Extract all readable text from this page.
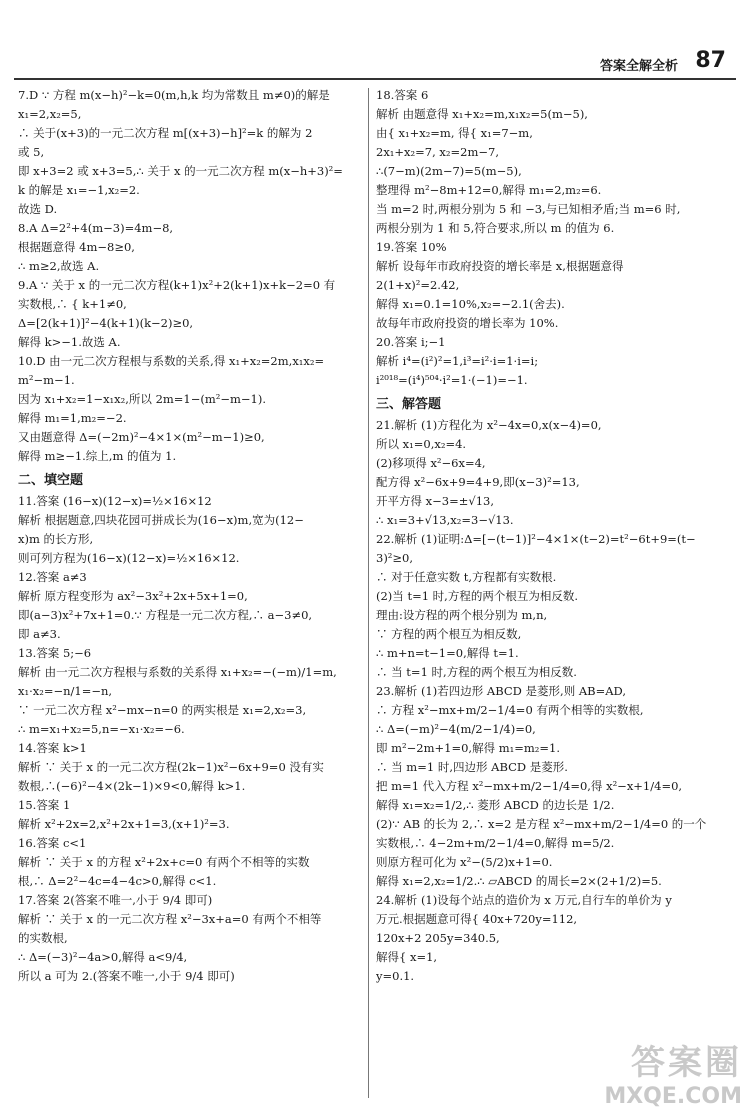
答案全解全析 87
7.D ∵ 方程 m(x−h)²−k=0(m,h,k 均为常数且 m≠0)的解是
x₁=2,x₂=5,
∴ 关于(x+3)的一元二次方程 m[(x+3)−h]²=k 的解为 2
或 5,
即 x+3=2 或 x+3=5,∴ 关于 x 的一元二次方程 m(x−h+3)²=
k 的解是 x₁=−1,x₂=2.
故选 D.
8.A Δ=2²+4(m−3)=4m−8,
根据题意得 4m−8≥0,
∴ m≥2,故选 A.
9.A ∵ 关于 x 的一元二次方程(k+1)x²+2(k+1)x+k−2=0 有
实数根,∴ { k+1≠0,
Δ=[2(k+1)]²−4(k+1)(k−2)≥0,
解得 k>−1.故选 A.
10.D 由一元二次方程根与系数的关系,得 x₁+x₂=2m,x₁x₂=
m²−m−1.
因为 x₁+x₂=1−x₁x₂,所以 2m=1−(m²−m−1).
解得 m₁=1,m₂=−2.
又由题意得 Δ=(−2m)²−4×1×(m²−m−1)≥0,
解得 m≥−1.综上,m 的值为 1.
二、填空题
11.答案 (16−x)(12−x)=½×16×12
解析 根据题意,四块花园可拼成长为(16−x)m,宽为(12−
x)m 的长方形,
则可列方程为(16−x)(12−x)=½×16×12.
12.答案 a≠3
解析 原方程变形为 ax²−3x²+2x+5x+1=0,
即(a−3)x²+7x+1=0.∵ 方程是一元二次方程,∴ a−3≠0,
即 a≠3.
13.答案 5;−6
解析 由一元二次方程根与系数的关系得 x₁+x₂=−(−m)/1=m,
x₁·x₂=−n/1=−n,
∵ 一元二次方程 x²−mx−n=0 的两实根是 x₁=2,x₂=3,
∴ m=x₁+x₂=5,n=−x₁·x₂=−6.
14.答案 k>1
解析 ∵ 关于 x 的一元二次方程(2k−1)x²−6x+9=0 没有实
数根,∴(−6)²−4×(2k−1)×9<0,解得 k>1.
15.答案 1
解析 x²+2x=2,x²+2x+1=3,(x+1)²=3.
16.答案 c<1
解析 ∵ 关于 x 的方程 x²+2x+c=0 有两个不相等的实数
根,∴ Δ=2²−4c=4−4c>0,解得 c<1.
17.答案 2(答案不唯一,小于 9/4 即可)
解析 ∵ 关于 x 的一元二次方程 x²−3x+a=0 有两个不相等
的实数根,
∴ Δ=(−3)²−4a>0,解得 a<9/4,
所以 a 可为 2.(答案不唯一,小于 9/4 即可)
18.答案 6
解析 由题意得 x₁+x₂=m,x₁x₂=5(m−5),
由{ x₁+x₂=m, 得{ x₁=7−m,
2x₁+x₂=7, x₂=2m−7,
∴(7−m)(2m−7)=5(m−5),
整理得 m²−8m+12=0,解得 m₁=2,m₂=6.
当 m=2 时,两根分别为 5 和 −3,与已知相矛盾;当 m=6 时,
两根分别为 1 和 5,符合要求,所以 m 的值为 6.
19.答案 10%
解析 设每年市政府投资的增长率是 x,根据题意得
2(1+x)²=2.42,
解得 x₁=0.1=10%,x₂=−2.1(舍去).
故每年市政府投资的增长率为 10%.
20.答案 i;−1
解析 i⁴=(i²)²=1,i³=i²·i=1·i=i;
i²⁰¹⁸=(i⁴)⁵⁰⁴·i²=1·(−1)=−1.
三、解答题
21.解析 (1)方程化为 x²−4x=0,x(x−4)=0,
所以 x₁=0,x₂=4.
(2)移项得 x²−6x=4,
配方得 x²−6x+9=4+9,即(x−3)²=13,
开平方得 x−3=±√13,
∴ x₁=3+√13,x₂=3−√13.
22.解析 (1)证明:Δ=[−(t−1)]²−4×1×(t−2)=t²−6t+9=(t−
3)²≥0,
∴ 对于任意实数 t,方程都有实数根.
(2)当 t=1 时,方程的两个根互为相反数.
理由:设方程的两个根分别为 m,n,
∵ 方程的两个根互为相反数,
∴ m+n=t−1=0,解得 t=1.
∴ 当 t=1 时,方程的两个根互为相反数.
23.解析 (1)若四边形 ABCD 是菱形,则 AB=AD,
∴ 方程 x²−mx+m/2−1/4=0 有两个相等的实数根,
∴ Δ=(−m)²−4(m/2−1/4)=0,
即 m²−2m+1=0,解得 m₁=m₂=1.
∴ 当 m=1 时,四边形 ABCD 是菱形.
把 m=1 代入方程 x²−mx+m/2−1/4=0,得 x²−x+1/4=0,
解得 x₁=x₂=1/2,∴ 菱形 ABCD 的边长是 1/2.
(2)∵ AB 的长为 2,∴ x=2 是方程 x²−mx+m/2−1/4=0 的一个
实数根,∴ 4−2m+m/2−1/4=0,解得 m=5/2.
则原方程可化为 x²−(5/2)x+1=0.
解得 x₁=2,x₂=1/2.∴ ▱ABCD 的周长=2×(2+1/2)=5.
24.解析 (1)设每个站点的造价为 x 万元,自行车的单价为 y
万元.根据题意可得{ 40x+720y=112,
120x+2 205y=340.5,
解得{ x=1,
y=0.1.
答案圈
MXQE.COM
